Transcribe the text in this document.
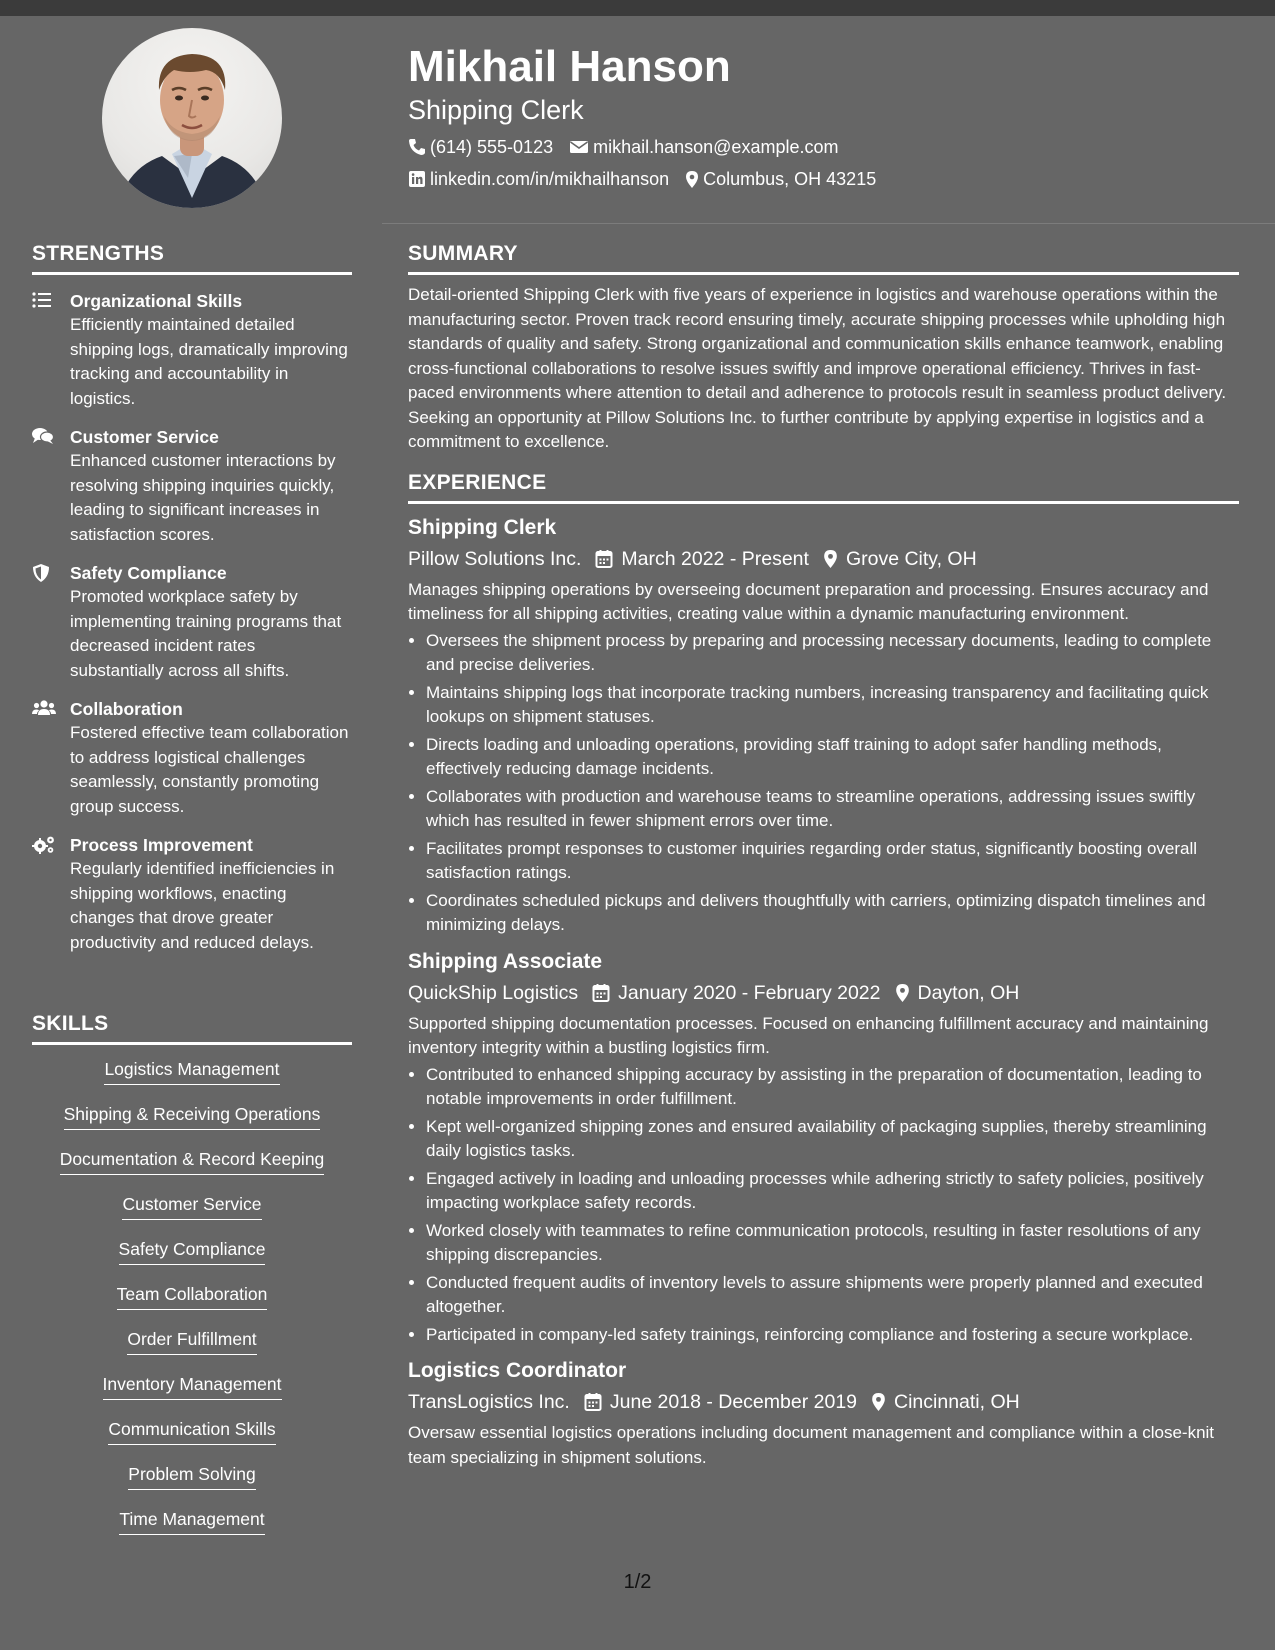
STRENGTHS
Organizational Skills
Efficiently maintained detailed shipping logs, dramatically improving tracking and accountability in logistics.
Customer Service
Enhanced customer interactions by resolving shipping inquiries quickly, leading to significant increases in satisfaction scores.
Safety Compliance
Promoted workplace safety by implementing training programs that decreased incident rates substantially across all shifts.
Collaboration
Fostered effective team collaboration to address logistical challenges seamlessly, constantly promoting group success.
Process Improvement
Regularly identified inefficiencies in shipping workflows, enacting changes that drove greater productivity and reduced delays.
SKILLS
Logistics Management
Shipping & Receiving Operations
Documentation & Record Keeping
Customer Service
Safety Compliance
Team Collaboration
Order Fulfillment
Inventory Management
Communication Skills
Problem Solving
Time Management
Mikhail Hanson
Shipping Clerk
(614) 555-0123 mikhail.hanson@example.com
linkedin.com/in/mikhailhanson Columbus, OH 43215
SUMMARY
Detail-oriented Shipping Clerk with five years of experience in logistics and warehouse operations within the manufacturing sector. Proven track record ensuring timely, accurate shipping processes while upholding high standards of quality and safety. Strong organizational and communication skills enhance teamwork, enabling cross-functional collaborations to resolve issues swiftly and improve operational efficiency. Thrives in fast-paced environments where attention to detail and adherence to protocols result in seamless product delivery. Seeking an opportunity at Pillow Solutions Inc. to further contribute by applying expertise in logistics and a commitment to excellence.
EXPERIENCE
Shipping Clerk
Pillow Solutions Inc. March 2022 - Present Grove City, OH
Manages shipping operations by overseeing document preparation and processing. Ensures accuracy and timeliness for all shipping activities, creating value within a dynamic manufacturing environment.
• Oversees the shipment process by preparing and processing necessary documents, leading to complete and precise deliveries.
• Maintains shipping logs that incorporate tracking numbers, increasing transparency and facilitating quick lookups on shipment statuses.
• Directs loading and unloading operations, providing staff training to adopt safer handling methods, effectively reducing damage incidents.
• Collaborates with production and warehouse teams to streamline operations, addressing issues swiftly which has resulted in fewer shipment errors over time.
• Facilitates prompt responses to customer inquiries regarding order status, significantly boosting overall satisfaction ratings.
• Coordinates scheduled pickups and delivers thoughtfully with carriers, optimizing dispatch timelines and minimizing delays.
Shipping Associate
QuickShip Logistics January 2020 - February 2022 Dayton, OH
Supported shipping documentation processes. Focused on enhancing fulfillment accuracy and maintaining inventory integrity within a bustling logistics firm.
• Contributed to enhanced shipping accuracy by assisting in the preparation of documentation, leading to notable improvements in order fulfillment.
• Kept well-organized shipping zones and ensured availability of packaging supplies, thereby streamlining daily logistics tasks.
• Engaged actively in loading and unloading processes while adhering strictly to safety policies, positively impacting workplace safety records.
• Worked closely with teammates to refine communication protocols, resulting in faster resolutions of any shipping discrepancies.
• Conducted frequent audits of inventory levels to assure shipments were properly planned and executed altogether.
• Participated in company-led safety trainings, reinforcing compliance and fostering a secure workplace.
Logistics Coordinator
TransLogistics Inc. June 2018 - December 2019 Cincinnati, OH
Oversaw essential logistics operations including document management and compliance within a close-knit team specializing in shipment solutions.
1/2
